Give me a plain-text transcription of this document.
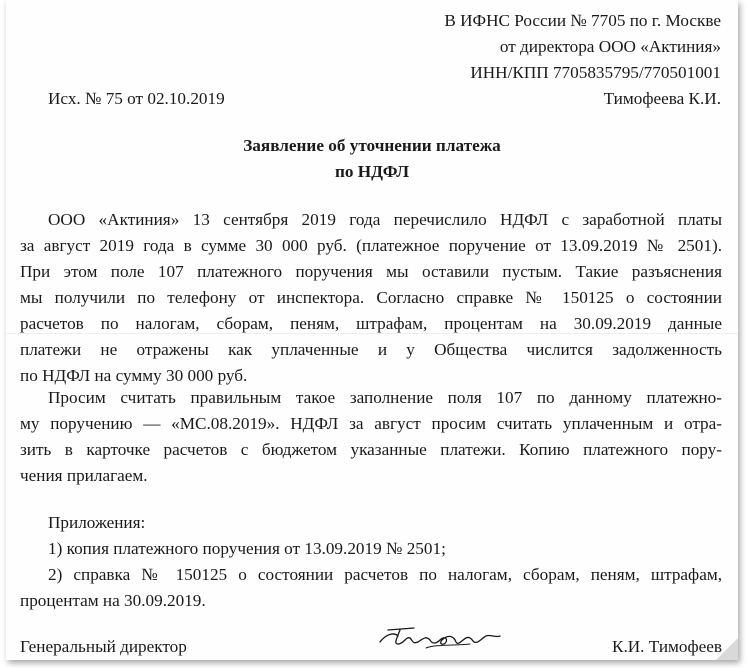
В ИФНС России № 7705 по г. Москве
от директора ООО «Актиния»
ИНН/КПП 7705835795/770501001
Исх. № 75 от 02.10.2019	Тимофеева К.И.
Заявление об уточнении платежа
по НДФЛ
ООО «Актиния» 13 сентября 2019 года перечислило НДФЛ с заработной платы
за август 2019 года в сумме 30 000 руб. (платежное поручение от 13.09.2019 № 2501).
При этом поле 107 платежного поручения мы оставили пустым. Такие разъяснения
мы получили по телефону от инспектора. Согласно справке № 150125 о состоянии
расчетов по налогам, сборам, пеням, штрафам, процентам на 30.09.2019 данные
платежи не отражены как уплаченные и у Общества числится задолженность
по НДФЛ на сумму 30 000 руб.
Просим считать правильным такое заполнение поля 107 по данному платежно-
му поручению — «МС.08.2019». НДФЛ за август просим считать уплаченным и отра-
зить в карточке расчетов с бюджетом указанные платежи. Копию платежного пору-
чения прилагаем.
Приложения:
1) копия платежного поручения от 13.09.2019 № 2501;
2) справка № 150125 о состоянии расчетов по налогам, сборам, пеням, штрафам,
процентам на 30.09.2019.
Генеральный директор	К.И. Тимофеев
